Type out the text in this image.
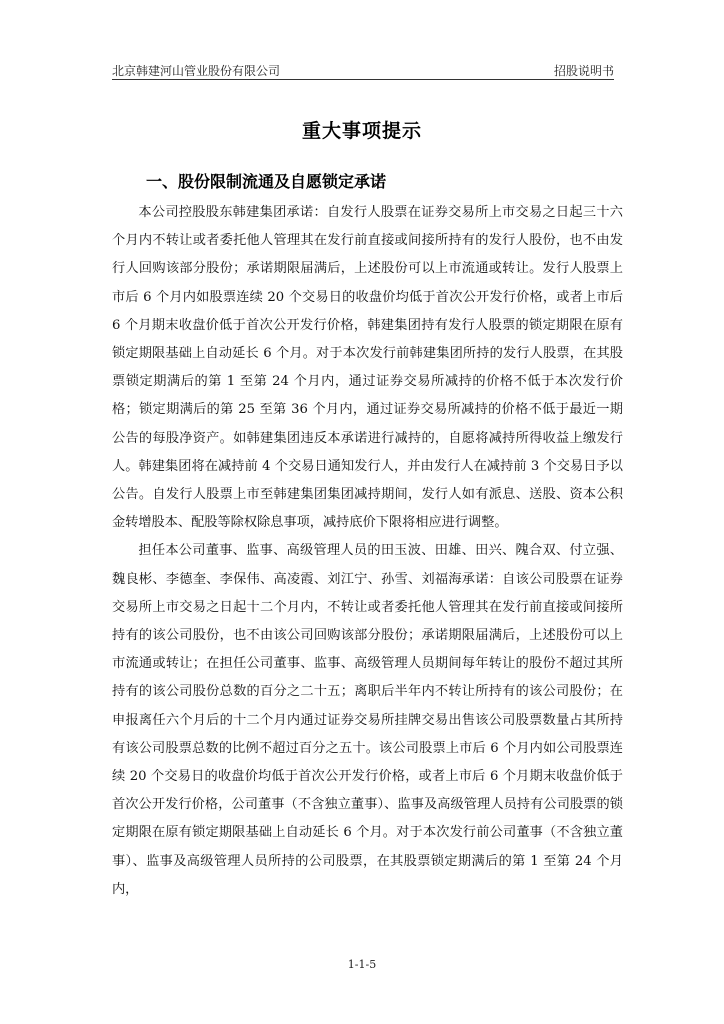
北京韩建河山管业股份有限公司	招股说明书
重大事项提示
一、股份限制流通及自愿锁定承诺

本公司控股股东韩建集团承诺：自发行人股票在证券交易所上市交易之日起三十六个月内不转让或者委托他人管理其在发行前直接或间接所持有的发行人股份，也不由发行人回购该部分股份；承诺期限届满后，上述股份可以上市流通或转让。发行人股票上市后 6 个月内如股票连续 20 个交易日的收盘价均低于首次公开发行价格，或者上市后 6 个月期末收盘价低于首次公开发行价格，韩建集团持有发行人股票的锁定期限在原有锁定期限基础上自动延长 6 个月。对于本次发行前韩建集团所持的发行人股票，在其股票锁定期满后的第 1 至第 24 个月内，通过证券交易所减持的价格不低于本次发行价格；锁定期满后的第 25 至第 36 个月内，通过证券交易所减持的价格不低于最近一期公告的每股净资产。如韩建集团违反本承诺进行减持的，自愿将减持所得收益上缴发行人。韩建集团将在减持前 4 个交易日通知发行人，并由发行人在减持前 3 个交易日予以公告。自发行人股票上市至韩建集团集团减持期间，发行人如有派息、送股、资本公积金转增股本、配股等除权除息事项，减持底价下限将相应进行调整。

担任本公司董事、监事、高级管理人员的田玉波、田雄、田兴、隗合双、付立强、魏良彬、李德奎、李保伟、高凌霞、刘江宁、孙雪、刘福海承诺：自该公司股票在证券交易所上市交易之日起十二个月内，不转让或者委托他人管理其在发行前直接或间接所持有的该公司股份，也不由该公司回购该部分股份；承诺期限届满后，上述股份可以上市流通或转让；在担任公司董事、监事、高级管理人员期间每年转让的股份不超过其所持有的该公司股份总数的百分之二十五；离职后半年内不转让所持有的该公司股份；在申报离任六个月后的十二个月内通过证券交易所挂牌交易出售该公司股票数量占其所持有该公司股票总数的比例不超过百分之五十。该公司股票上市后 6 个月内如公司股票连续 20 个交易日的收盘价均低于首次公开发行价格，或者上市后 6 个月期末收盘价低于首次公开发行价格，公司董事（不含独立董事）、监事及高级管理人员持有公司股票的锁定期限在原有锁定期限基础上自动延长 6 个月。对于本次发行前公司董事（不含独立董事）、监事及高级管理人员所持的公司股票，在其股票锁定期满后的第 1 至第 24 个月内，

1-1-5
